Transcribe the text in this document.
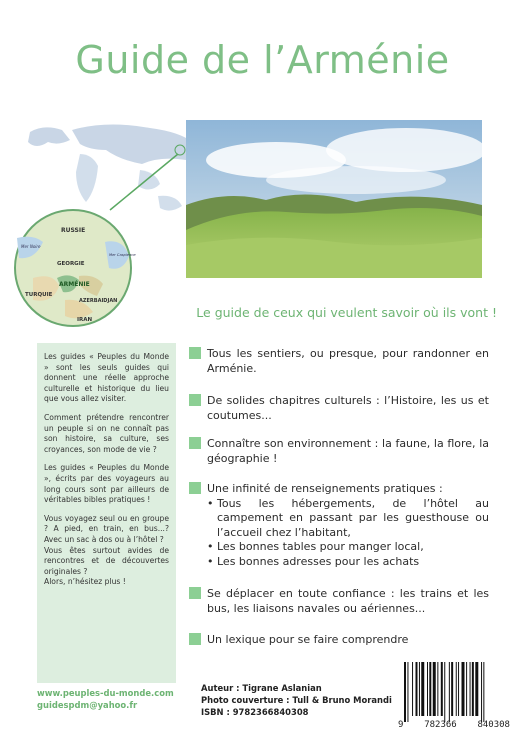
Guide de l’Arménie
RUSSIE
GEORGIE
ARMÉNIE
TURQUIE
AZERBAIDJAN
IRAN
Mer Noire
Mer Caspienne
Le guide de ceux qui veulent savoir où ils vont !

Les guides « Peuples du Monde » sont les seuls guides qui donnent une réelle approche culturelle et historique du lieu que vous allez visiter.

Comment prétendre rencontrer un peuple si on ne connaît pas son histoire, sa culture, ses croyances, son mode de vie ?

Les guides « Peuples du Monde », écrits par des voyageurs au long cours sont par ailleurs de véritables bibles pratiques !

Vous voyagez seul ou en groupe ? A pied, en train, en bus...? Avec un sac à dos ou à l’hôtel ?
Vous êtes surtout avides de rencontres et de découvertes originales ?
Alors, n’hésitez plus !

Tous les sentiers, ou presque, pour randonner en Arménie.
De solides chapitres culturels : l’Histoire, les us et coutumes...
Connaître son environnement : la faune, la flore, la géographie !
Une infinité de renseignements pratiques :
• Tous les hébergements, de l’hôtel au campement en passant par les guesthouse ou l’accueil chez l’habitant,
• Les bonnes tables pour manger local,
• Les bonnes adresses pour les achats
Se déplacer en toute confiance : les trains et les bus, les liaisons navales ou aériennes...
Un lexique pour se faire comprendre
www.peuples-du-monde.com
guidespdm@yahoo.fr
Auteur : Tigrane Aslanian
Photo couverture : Tull & Bruno Morandi
ISBN : 9782366840308
9 782366 840308
